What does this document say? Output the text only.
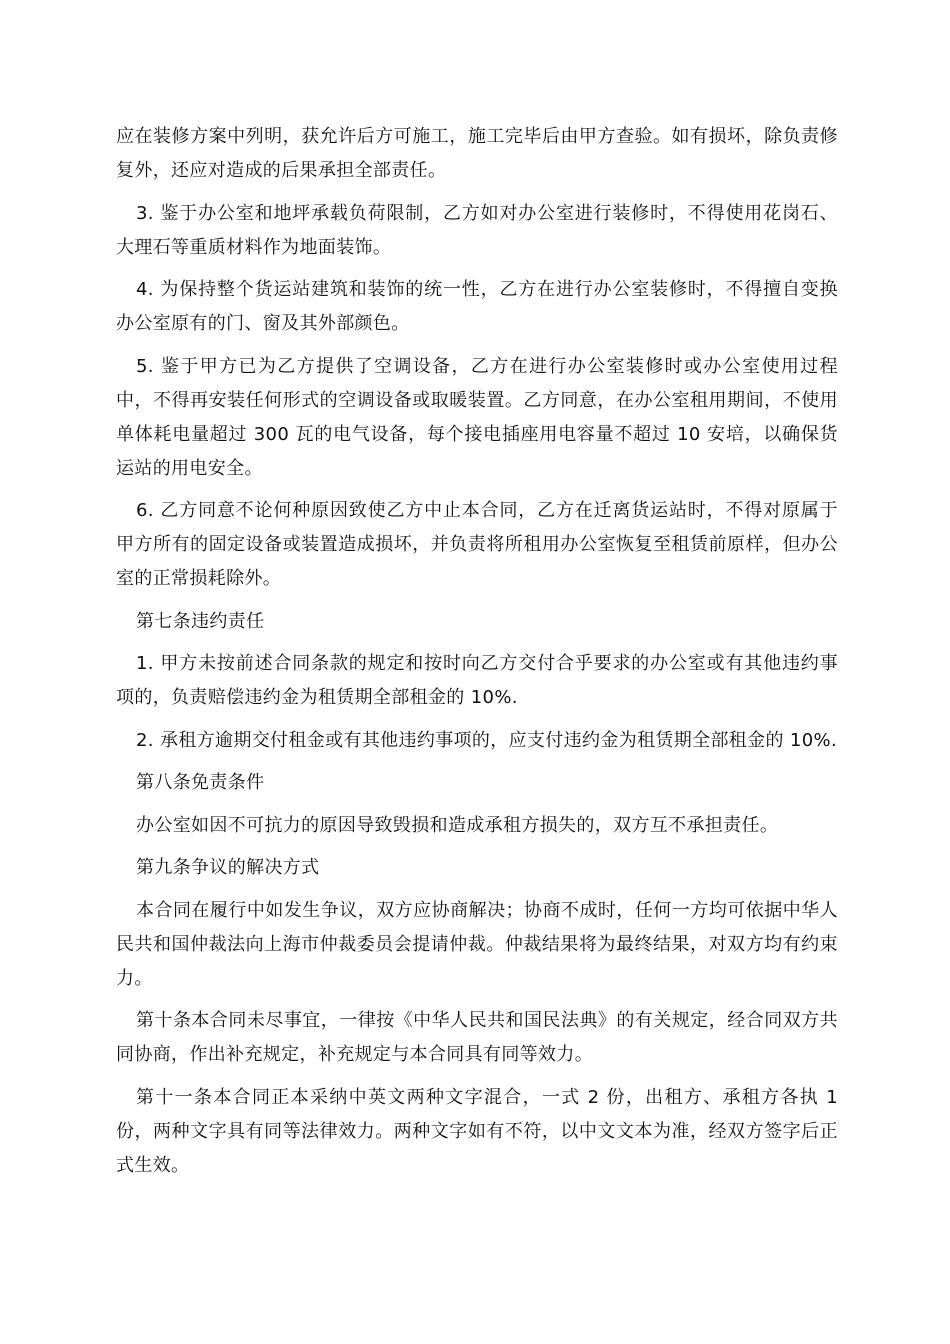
应在装修方案中列明，获允许后方可施工，施工完毕后由甲方查验。如有损坏，除负责修复外，还应对造成的后果承担全部责任。

3. 鉴于办公室和地坪承载负荷限制，乙方如对办公室进行装修时，不得使用花岗石、大理石等重质材料作为地面装饰。

4. 为保持整个货运站建筑和装饰的统一性，乙方在进行办公室装修时，不得擅自变换办公室原有的门、窗及其外部颜色。

5. 鉴于甲方已为乙方提供了空调设备，乙方在进行办公室装修时或办公室使用过程中，不得再安装任何形式的空调设备或取暖装置。乙方同意，在办公室租用期间，不使用单体耗电量超过 300 瓦的电气设备，每个接电插座用电容量不超过 10 安培，以确保货运站的用电安全。

6. 乙方同意不论何种原因致使乙方中止本合同，乙方在迁离货运站时，不得对原属于甲方所有的固定设备或装置造成损坏，并负责将所租用办公室恢复至租赁前原样，但办公室的正常损耗除外。

第七条违约责任

1. 甲方未按前述合同条款的规定和按时向乙方交付合乎要求的办公室或有其他违约事项的，负责赔偿违约金为租赁期全部租金的 10%.

2. 承租方逾期交付租金或有其他违约事项的，应支付违约金为租赁期全部租金的 10%.

第八条免责条件

办公室如因不可抗力的原因导致毁损和造成承租方损失的，双方互不承担责任。

第九条争议的解决方式

本合同在履行中如发生争议，双方应协商解决；协商不成时，任何一方均可依据中华人民共和国仲裁法向上海市仲裁委员会提请仲裁。仲裁结果将为最终结果，对双方均有约束力。

第十条本合同未尽事宜，一律按《中华人民共和国民法典》的有关规定，经合同双方共同协商，作出补充规定，补充规定与本合同具有同等效力。

第十一条本合同正本采纳中英文两种文字混合，一式 2 份，出租方、承租方各执 1 份，两种文字具有同等法律效力。两种文字如有不符，以中文文本为准，经双方签字后正式生效。
